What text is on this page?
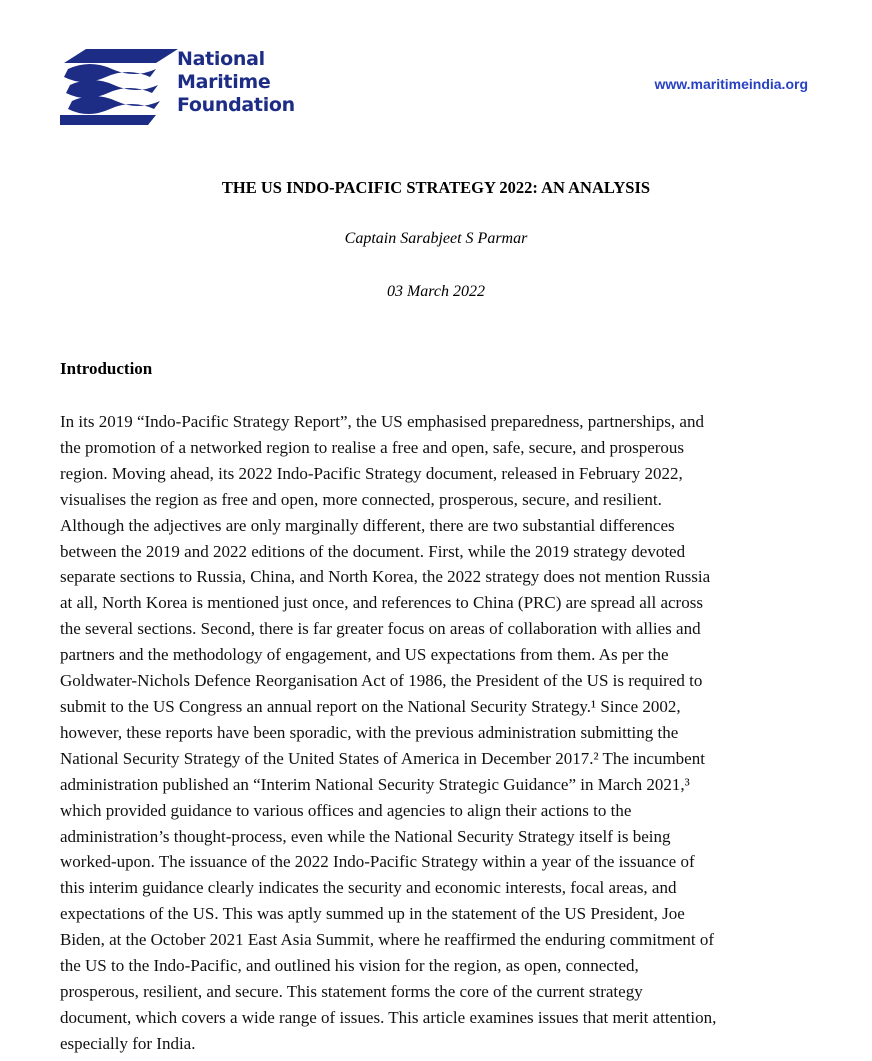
National
Maritime
Foundation
www.maritimeindia.org
THE US INDO-PACIFIC STRATEGY 2022: AN ANALYSIS
Captain Sarabjeet S Parmar
03 March 2022
Introduction
In its 2019 “Indo-Pacific Strategy Report”, the US emphasised preparedness, partnerships, and
the promotion of a networked region to realise a free and open, safe, secure, and prosperous
region. Moving ahead, its 2022 Indo-Pacific Strategy document, released in February 2022,
visualises the region as free and open, more connected, prosperous, secure, and resilient.
Although the adjectives are only marginally different, there are two substantial differences
between the 2019 and 2022 editions of the document. First, while the 2019 strategy devoted
separate sections to Russia, China, and North Korea, the 2022 strategy does not mention Russia
at all, North Korea is mentioned just once, and references to China (PRC) are spread all across
the several sections. Second, there is far greater focus on areas of collaboration with allies and
partners and the methodology of engagement, and US expectations from them. As per the
Goldwater-Nichols Defence Reorganisation Act of 1986, the President of the US is required to
submit to the US Congress an annual report on the National Security Strategy.¹ Since 2002,
however, these reports have been sporadic, with the previous administration submitting the
National Security Strategy of the United States of America in December 2017.² The incumbent
administration published an “Interim National Security Strategic Guidance” in March 2021,³
which provided guidance to various offices and agencies to align their actions to the
administration’s thought-process, even while the National Security Strategy itself is being
worked-upon. The issuance of the 2022 Indo-Pacific Strategy within a year of the issuance of
this interim guidance clearly indicates the security and economic interests, focal areas, and
expectations of the US. This was aptly summed up in the statement of the US President, Joe
Biden, at the October 2021 East Asia Summit, where he reaffirmed the enduring commitment of
the US to the Indo-Pacific, and outlined his vision for the region, as open, connected,
prosperous, resilient, and secure. This statement forms the core of the current strategy
document, which covers a wide range of issues. This article examines issues that merit attention,
especially for India.
